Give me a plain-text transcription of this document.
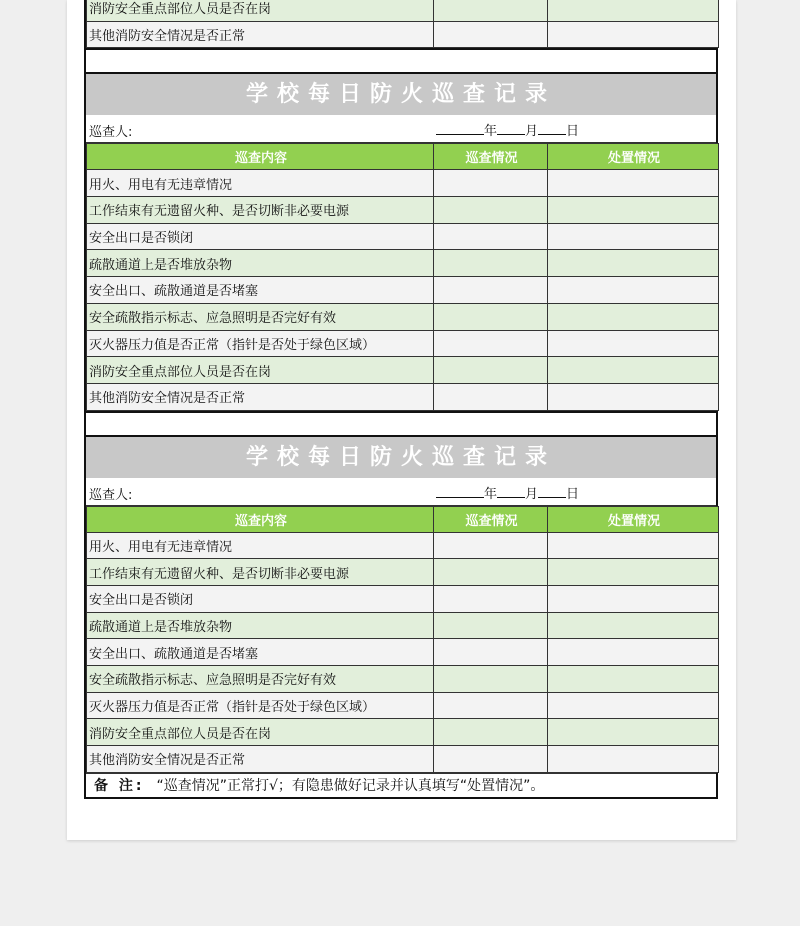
消防安全重点部位人员是否在岗		
其他消防安全情况是否正常		
学校每日防火巡查记录
巡查人:	年 月 日
巡查内容	巡查情况	处置情况
用火、用电有无违章情况		
工作结束有无遗留火种、是否切断非必要电源		
安全出口是否锁闭		
疏散通道上是否堆放杂物		
安全出口、疏散通道是否堵塞		
安全疏散指示标志、应急照明是否完好有效		
灭火器压力值是否正常（指针是否处于绿色区域）		
消防安全重点部位人员是否在岗		
其他消防安全情况是否正常		
学校每日防火巡查记录
巡查人:	年 月 日
巡查内容	巡查情况	处置情况
用火、用电有无违章情况		
工作结束有无遗留火种、是否切断非必要电源		
安全出口是否锁闭		
疏散通道上是否堆放杂物		
安全出口、疏散通道是否堵塞		
安全疏散指示标志、应急照明是否完好有效		
灭火器压力值是否正常（指针是否处于绿色区域）		
消防安全重点部位人员是否在岗		
其他消防安全情况是否正常		
备 注: “巡查情况”正常打√；有隐患做好记录并认真填写“处置情况”。
